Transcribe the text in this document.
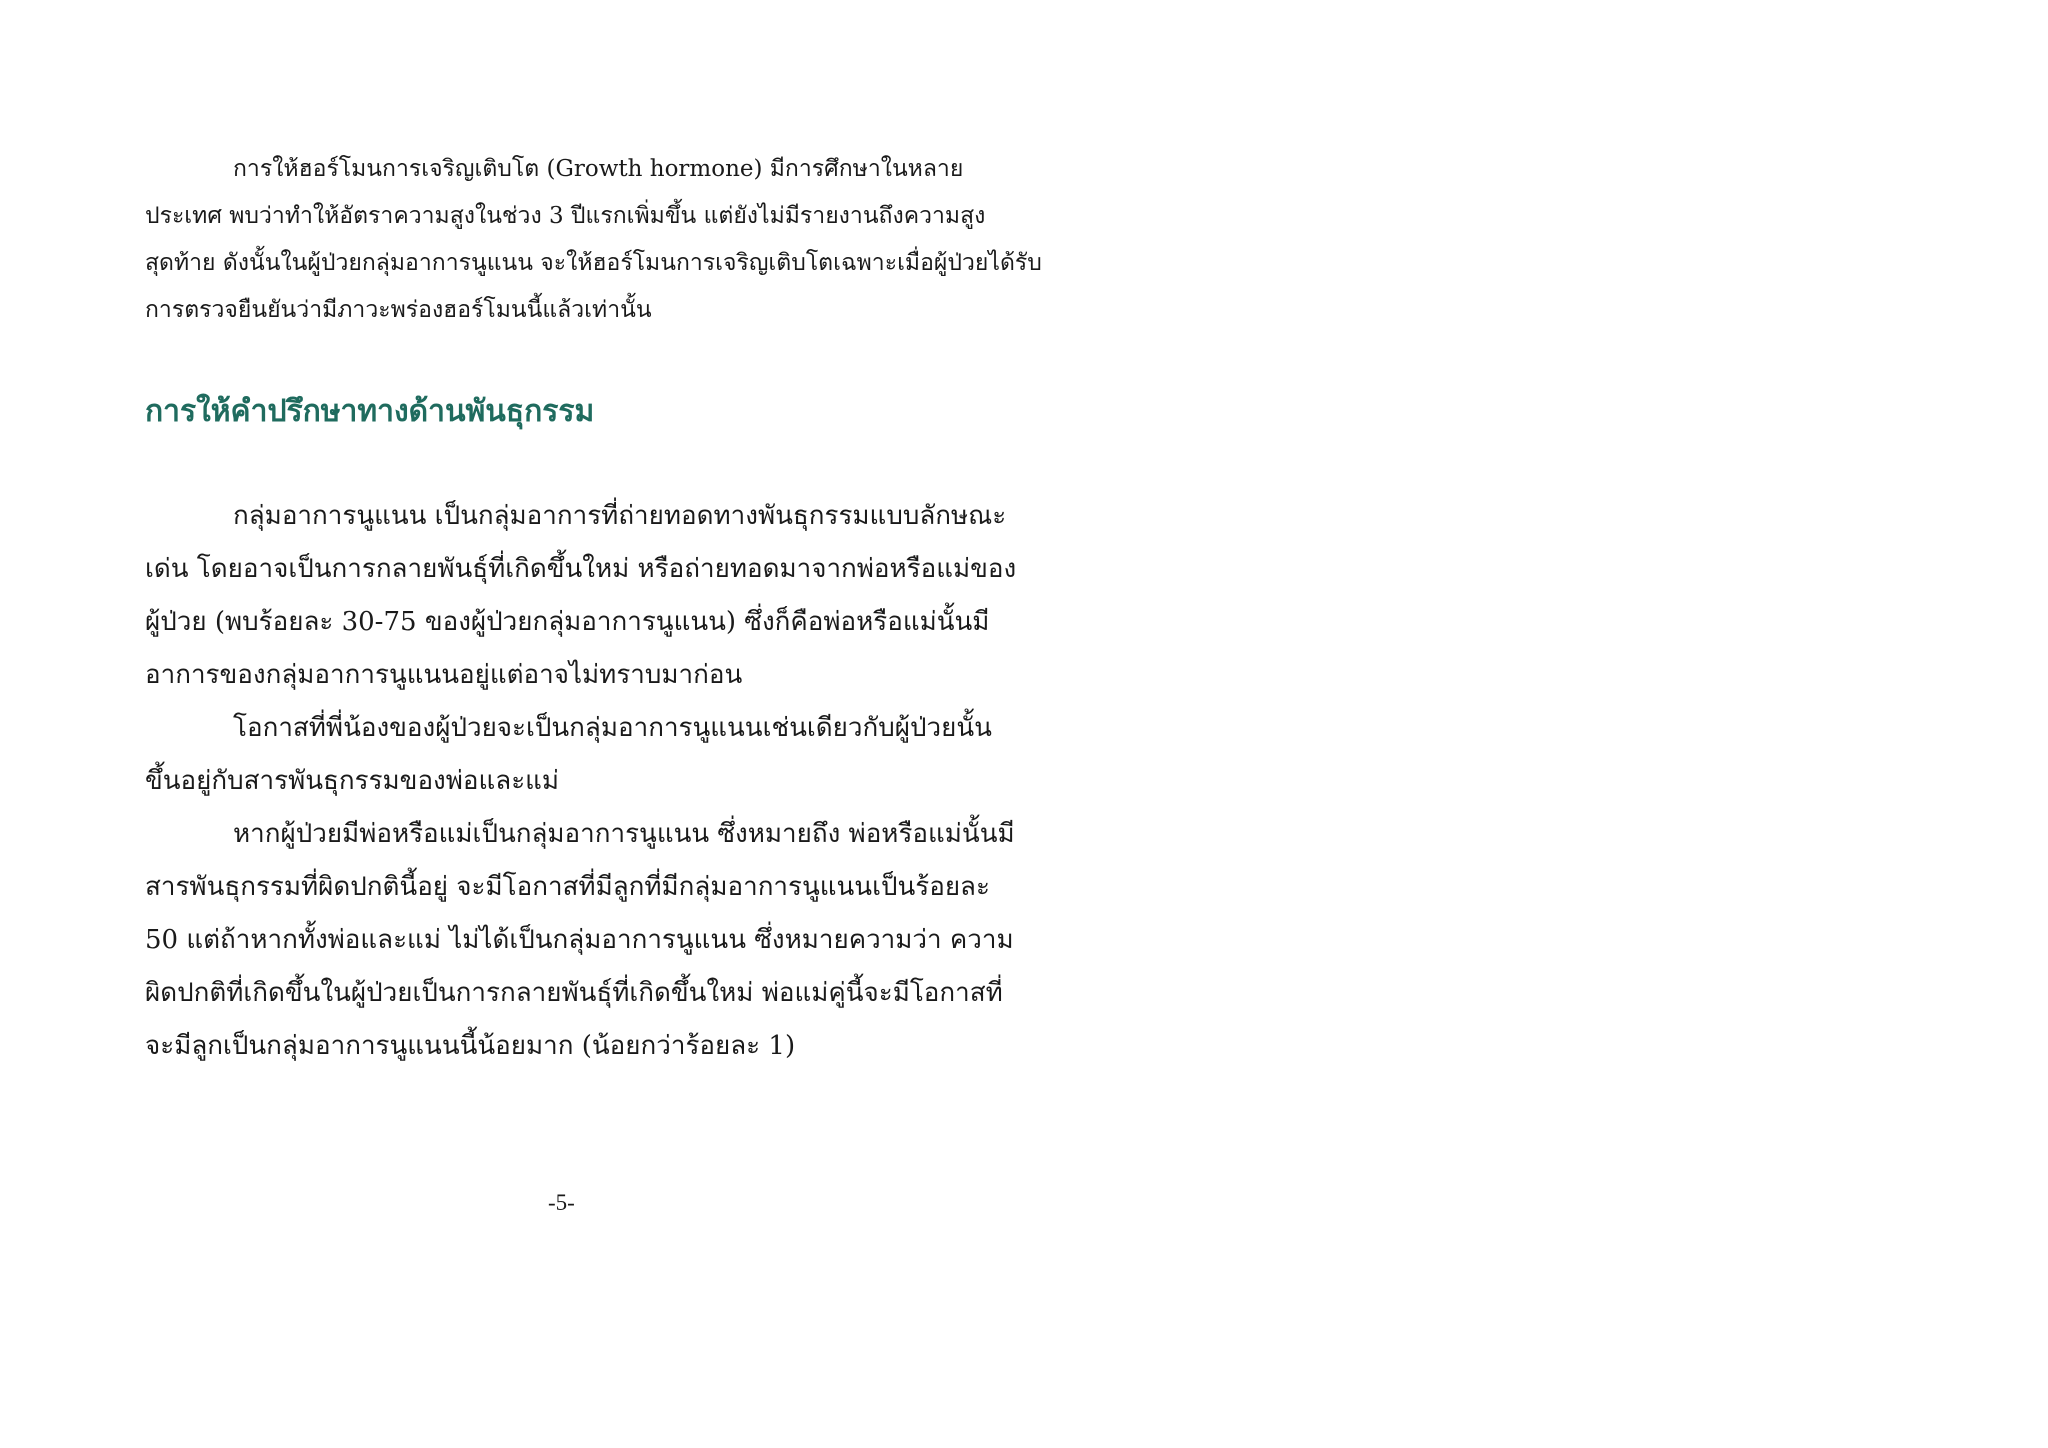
การให้ฮอร์โมนการเจริญเติบโต (Growth hormone) มีการศึกษาในหลาย

ประเทศ พบว่าทำให้อัตราความสูงในช่วง 3 ปีแรกเพิ่มขึ้น แต่ยังไม่มีรายงานถึงความสูง

สุดท้าย ดังนั้นในผู้ป่วยกลุ่มอาการนูแนน จะให้ฮอร์โมนการเจริญเติบโตเฉพาะเมื่อผู้ป่วยได้รับ

การตรวจยืนยันว่ามีภาวะพร่องฮอร์โมนนี้แล้วเท่านั้น

การให้คำปรึกษาทางด้านพันธุกรรม

กลุ่มอาการนูแนน เป็นกลุ่มอาการที่ถ่ายทอดทางพันธุกรรมแบบลักษณะ

เด่น โดยอาจเป็นการกลายพันธุ์ที่เกิดขึ้นใหม่ หรือถ่ายทอดมาจากพ่อหรือแม่ของ

ผู้ป่วย (พบร้อยละ 30-75 ของผู้ป่วยกลุ่มอาการนูแนน) ซึ่งก็คือพ่อหรือแม่นั้นมี

อาการของกลุ่มอาการนูแนนอยู่แต่อาจไม่ทราบมาก่อน

โอกาสที่พี่น้องของผู้ป่วยจะเป็นกลุ่มอาการนูแนนเช่นเดียวกับผู้ป่วยนั้น

ขึ้นอยู่กับสารพันธุกรรมของพ่อและแม่

หากผู้ป่วยมีพ่อหรือแม่เป็นกลุ่มอาการนูแนน ซึ่งหมายถึง พ่อหรือแม่นั้นมี

สารพันธุกรรมที่ผิดปกตินี้อยู่ จะมีโอกาสที่มีลูกที่มีกลุ่มอาการนูแนนเป็นร้อยละ

50 แต่ถ้าหากทั้งพ่อและแม่ ไม่ได้เป็นกลุ่มอาการนูแนน ซึ่งหมายความว่า ความ

ผิดปกติที่เกิดขึ้นในผู้ป่วยเป็นการกลายพันธุ์ที่เกิดขึ้นใหม่ พ่อแม่คู่นี้จะมีโอกาสที่

จะมีลูกเป็นกลุ่มอาการนูแนนนี้น้อยมาก (น้อยกว่าร้อยละ 1)

-5-
